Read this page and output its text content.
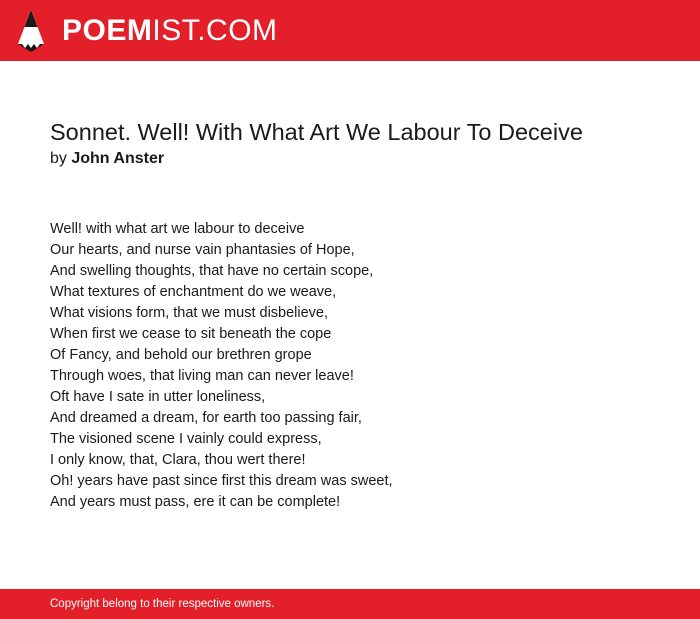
POEMIST.COM
Sonnet. Well! With What Art We Labour To Deceive
by John Anster
Well! with what art we labour to deceive
Our hearts, and nurse vain phantasies of Hope,
And swelling thoughts, that have no certain scope,
What textures of enchantment do we weave,
What visions form, that we must disbelieve,
When first we cease to sit beneath the cope
Of Fancy, and behold our brethren grope
Through woes, that living man can never leave!
Oft have I sate in utter loneliness,
And dreamed a dream, for earth too passing fair,
The visioned scene I vainly could express,
I only know, that, Clara, thou wert there!
Oh! years have past since first this dream was sweet,
And years must pass, ere it can be complete!
Copyright belong to their respective owners.
